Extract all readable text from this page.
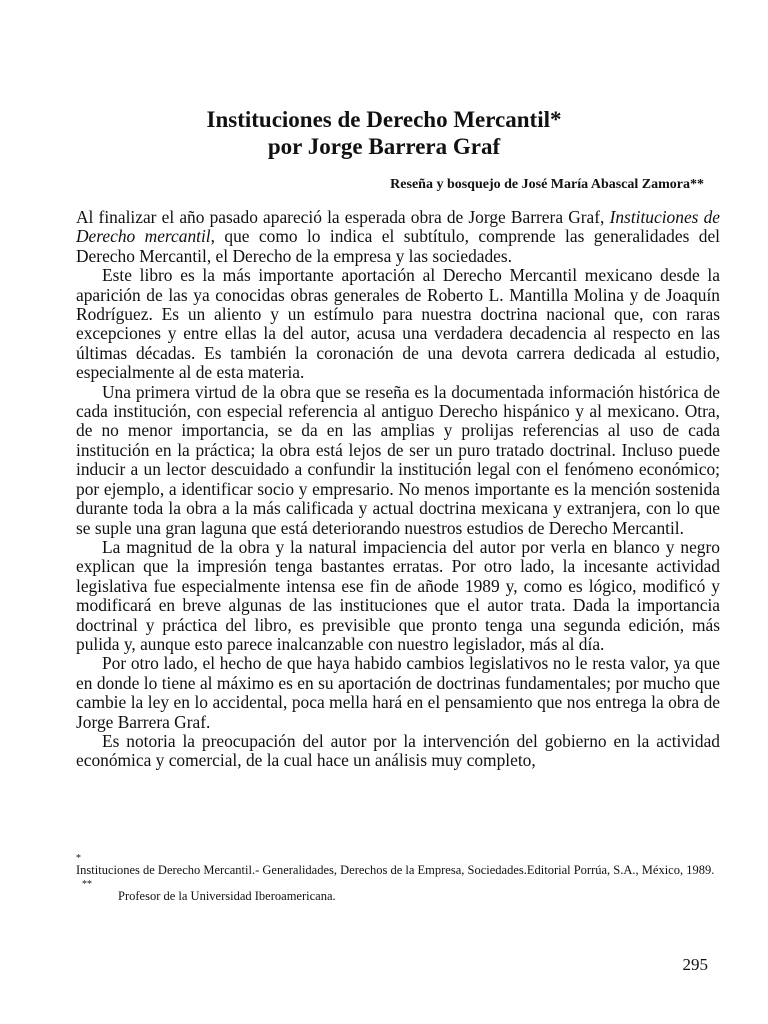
Instituciones de Derecho Mercantil*
por Jorge Barrera Graf
Reseña y bosquejo de José María Abascal Zamora**

Al finalizar el año pasado apareció la esperada obra de Jorge Barrera Graf, Instituciones de Derecho mercantil, que como lo indica el subtítulo, comprende las generalidades del Derecho Mercantil, el Derecho de la empresa y las sociedades.

Este libro es la más importante aportación al Derecho Mercantil mexicano desde la aparición de las ya conocidas obras generales de Roberto L. Mantilla Molina y de Joaquín Rodríguez. Es un aliento y un estímulo para nuestra doctrina nacional que, con raras excepciones y entre ellas la del autor, acusa una verdadera decadencia al respecto en las últimas décadas. Es también la coronación de una devota carrera dedicada al estudio, especialmente al de esta materia.

Una primera virtud de la obra que se reseña es la documentada información histórica de cada institución, con especial referencia al antiguo Derecho hispánico y al mexicano. Otra, de no menor importancia, se da en las amplias y prolijas referencias al uso de cada institución en la práctica; la obra está lejos de ser un puro tratado doctrinal. Incluso puede inducir a un lector descuidado a confundir la institución legal con el fenómeno económico; por ejemplo, a identificar socio y empresario. No menos importante es la mención sostenida durante toda la obra a la más calificada y actual doctrina mexicana y extranjera, con lo que se suple una gran laguna que está deteriorando nuestros estudios de Derecho Mercantil.

La magnitud de la obra y la natural impaciencia del autor por verla en blanco y negro explican que la impresión tenga bastantes erratas. Por otro lado, la incesante actividad legislativa fue especialmente intensa ese fin de añode 1989 y, como es lógico, modificó y modificará en breve algunas de las instituciones que el autor trata. Dada la importancia doctrinal y práctica del libro, es previsible que pronto tenga una segunda edición, más pulida y, aunque esto parece inalcanzable con nuestro legislador, más al día.

Por otro lado, el hecho de que haya habido cambios legislativos no le resta valor, ya que en donde lo tiene al máximo es en su aportación de doctrinas fundamentales; por mucho que cambie la ley en lo accidental, poca mella hará en el pensamiento que nos entrega la obra de Jorge Barrera Graf.

Es notoria la preocupación del autor por la intervención del gobierno en la actividad económica y comercial, de la cual hace un análisis muy completo,

*
Instituciones de Derecho Mercantil.- Generalidades, Derechos de la Empresa, Sociedades.Editorial Porrúa, S.A., México, 1989.

**
Profesor de la Universidad Iberoamericana.

295
